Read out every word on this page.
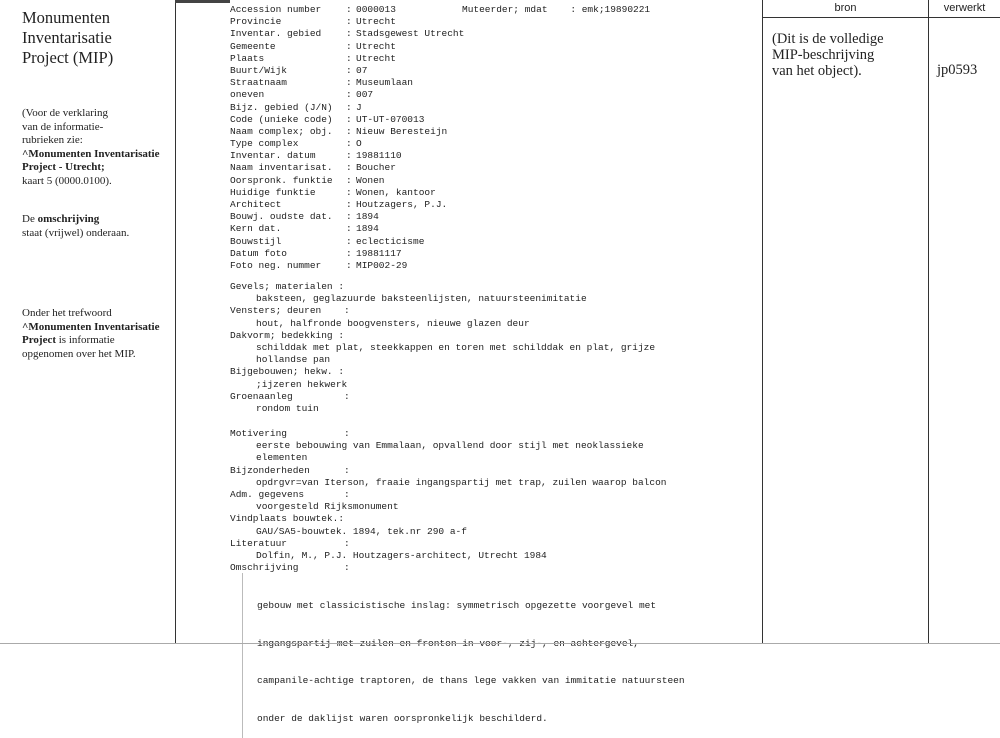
Monumenten
Inventarisatie
Project (MIP)
(Voor de verklaring
van de informatie-
rubrieken zie:
^Monumenten Inventarisatie
Project - Utrecht;
kaart 5 (0000.0100).
De omschrijving
staat (vrijwel) onderaan.
Onder het trefwoord
^Monumenten Inventarisatie
Project is informatie
opgenomen over het MIP.
bron	verwerkt
(Dit is de volledige
MIP-beschrijving
van het object).	jp0593
Muteerder; mdat    : emk;19890221
Accession number	: 0000013
Provincie	: Utrecht
Inventar. gebied	: Stadsgewest Utrecht
Gemeente	: Utrecht
Plaats	: Utrecht
Buurt/Wijk	: 07
Straatnaam	: Museumlaan
oneven	: 007
Bijz. gebied (J/N) : J
Code (unieke code) : UT-UT-070013
Naam complex; obj. : Nieuw Beresteijn
Type complex	: O
Inventar. datum	: 19881110
Naam inventarisat. : Boucher
Oorspronk. funktie : Wonen
Huidige funktie	: Wonen, kantoor
Architect	: Houtzagers, P.J.
Bouwj. oudste dat. : 1894
Kern dat.	: 1894
Bouwstijl	: eclecticisme
Datum foto	: 19881117
Foto neg. nummer	: MIP002-29
Gevels; materialen :
baksteen, geglazuurde baksteenlijsten, natuursteenimitatie
Vensters; deuren    :
hout, halfronde boogvensters, nieuwe glazen deur
Dakvorm; bedekking :
schilddak met plat, steekkappen en toren met schilddak en plat, grijze
hollandse pan
Bijgebouwen; hekw. :
;ijzeren hekwerk
Groenaanleg         :
rondom tuin
Motivering          :
eerste bebouwing van Emmalaan, opvallend door stijl met neoklassieke
elementen
Bijzonderheden      :
opdrgvr=van Iterson, fraaie ingangspartij met trap, zuilen waarop balcon
Adm. gegevens       :
voorgesteld Rijksmonument
Vindplaats bouwtek.:
GAU/SA5-bouwtek. 1894, tek.nr 290 a-f
Literatuur          :
Dolfin, M., P.J. Houtzagers-architect, Utrecht 1984
Omschrijving        :

gebouw met classicistische inslag: symmetrisch opgezette voorgevel met

ingangspartij met zuilen en fronton in voor-, zij-, en achtergevel,

campanile-achtige traptoren, de thans lege vakken van immitatie natuursteen

onder de daklijst waren oorspronkelijk beschilderd.
